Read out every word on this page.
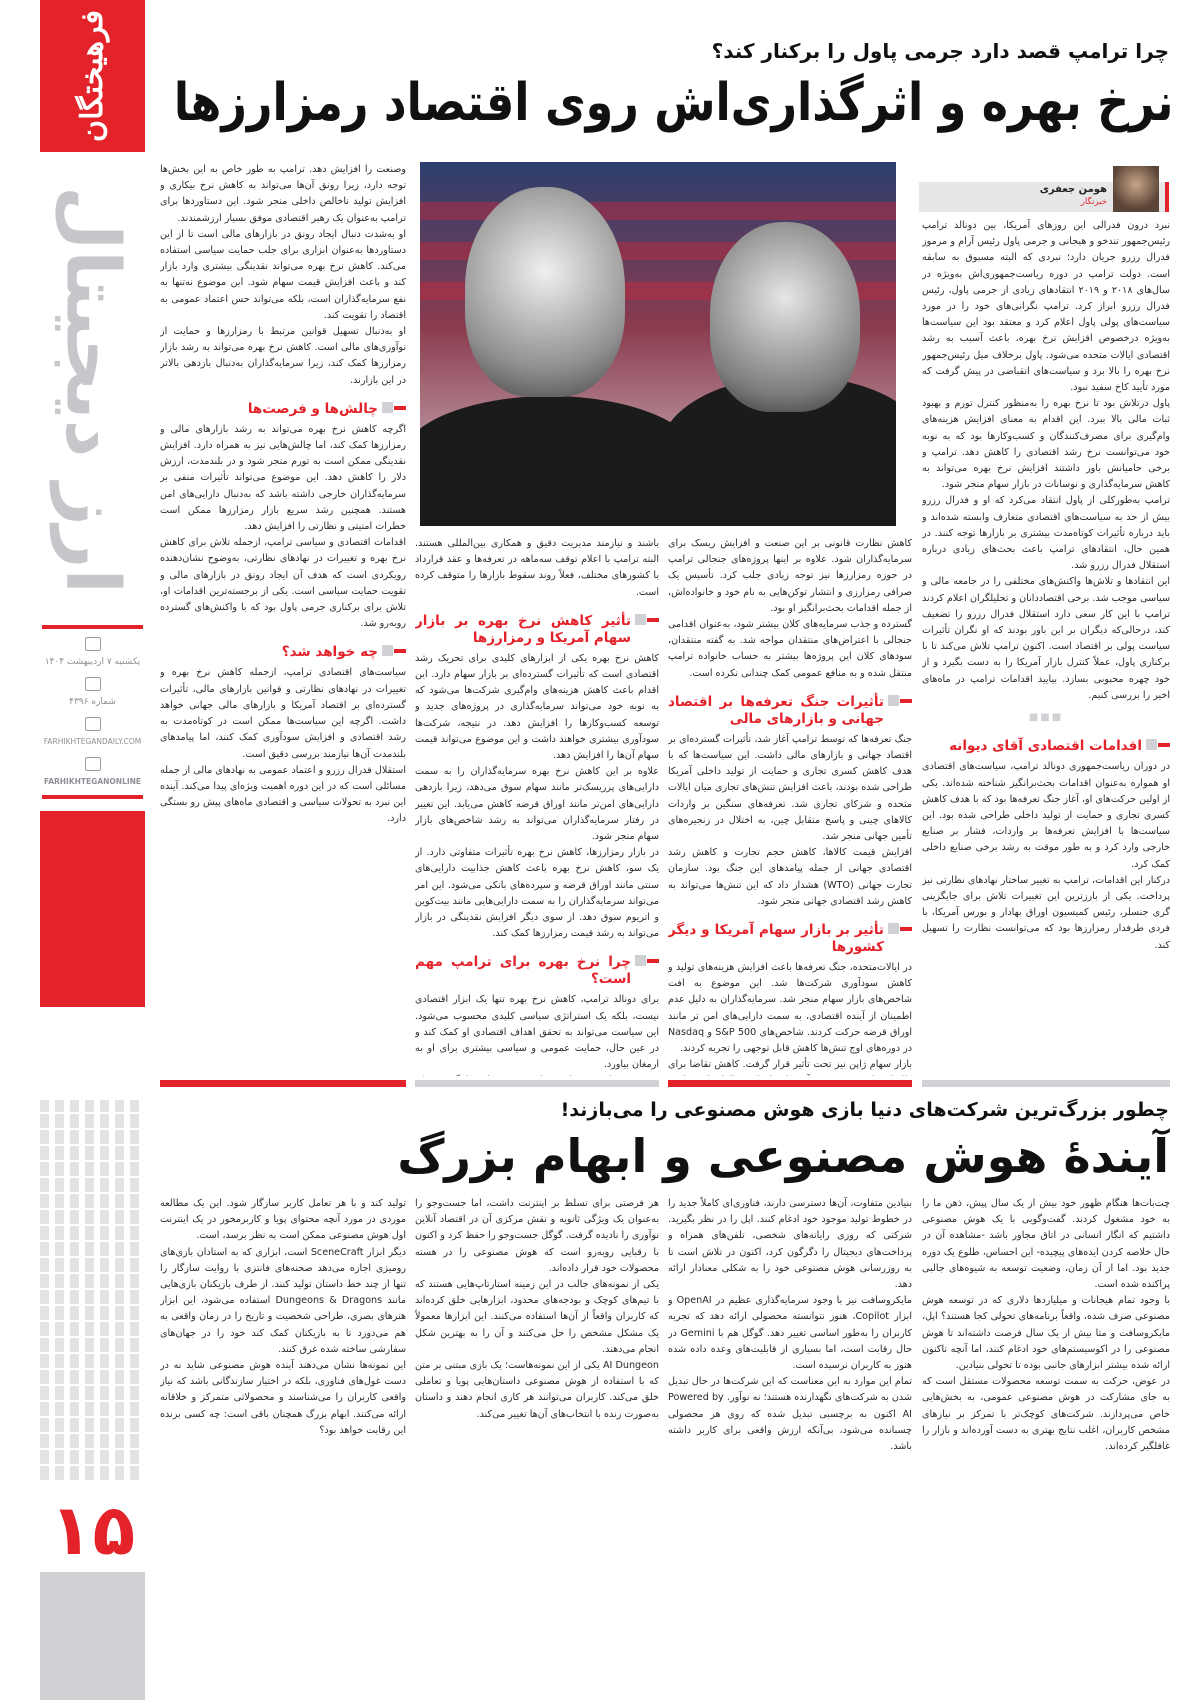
فرهیختگان
ارز دیجیتال
یکشنبه ۷ اردیبهشت ۱۴۰۴
شماره ۴۳۹۶
FARHIKHTEGANDAILY.COM
FARHIKHTEGANONLINE
۱۵
چرا ترامپ قصد دارد جرمی پاول را برکنار کند؟
نرخ بهره و اثرگذاری‌اش روی اقتصاد رمزارزها
هومن جعفری
خبرنگار

نبرد درون فدرالی این روزهای آمریکا، بین دونالد ترامپ رئیس‌جمهور تندخو و هیجانی و جرمی پاول رئیس آرام و مرموز فدرال رزرو جریان دارد؛ نبردی که البته مسبوق به سابقه است. دولت ترامپ در دوره ریاست‌جمهوری‌اش به‌ویژه در سال‌های ۲۰۱۸ و ۲۰۱۹ انتقادهای زیادی از جرمی پاول، رئیس فدرال رزرو ابراز کرد. ترامپ نگرانی‌های خود را در مورد سیاست‌های پولی پاول اعلام کرد و معتقد بود این سیاست‌ها به‌ویژه درخصوص افزایش نرخ بهره، باعث آسیب به رشد اقتصادی ایالات متحده می‌شود. پاول برخلاف میل رئیس‌جمهور نرخ بهره را بالا برد و سیاست‌های انقباضی در پیش گرفت که مورد تأیید کاخ سفید نبود.

پاول درتلاش بود تا نرخ بهره را به‌منظور کنترل تورم و بهبود ثبات مالی بالا ببرد. این اقدام به معنای افزایش هزینه‌های وام‌گیری برای مصرف‌کنندگان و کسب‌وکارها بود که به نوبه خود می‌توانست نرخ رشد اقتصادی را کاهش دهد. ترامپ و برخی حامیانش باور داشتند افزایش نرخ بهره می‌تواند به کاهش سرمایه‌گذاری و نوسانات در بازار سهام منجر شود.

ترامپ به‌طورکلی از پاول انتقاد می‌کرد که او و فدرال رزرو بیش از حد به سیاست‌های اقتصادی متعارف وابسته شده‌اند و باید درباره تأثیرات کوتاه‌مدت بیشتری بر بازارها توجه کنند. در همین حال، انتقادهای ترامپ باعث بحث‌های زیادی درباره استقلال فدرال رزرو شد.

این انتقادها و تلاش‌ها واکنش‌های مختلفی را در جامعه مالی و سیاسی موجب شد. برخی اقتصاددانان و تحلیلگران اعلام کردند ترامپ با این کار سعی دارد استقلال فدرال رزرو را تضعیف کند، درحالی‌که دیگران بر این باور بودند که او نگران تأثیرات سیاست پولی بر اقتصاد است. اکنون ترامپ تلاش می‌کند تا با برکناری پاول، عملاً کنترل بازار آمریکا را به دست بگیرد و از خود چهره محبوبی بسازد. بیایید اقدامات ترامپ در ماه‌های اخیر را بررسی کنیم.

■■■
اقدامات اقتصادی آقای دیوانه

در دوران ریاست‌جمهوری دونالد ترامپ، سیاست‌های اقتصادی او همواره به‌عنوان اقدامات بحث‌برانگیز شناخته شده‌اند. یکی از اولین حرکت‌های او، آغاز جنگ تعرفه‌ها بود که با هدف کاهش کسری تجاری و حمایت از تولید داخلی طراحی شده بود. این سیاست‌ها با افزایش تعرفه‌ها بر واردات، فشار بر صنایع خارجی وارد کرد و به طور موقت به رشد برخی صنایع داخلی کمک کرد.

درکنار این اقدامات، ترامپ به تغییر ساختار نهادهای نظارتی نیز پرداخت. یکی از بارزترین این تغییرات تلاش برای جایگزینی گری جنسلر، رئیس کمیسیون اوراق بهادار و بورس آمریکا، با فردی طرفدار رمزارزها بود که می‌توانست نظارت را تسهیل کند.

کاهش نظارت قانونی بر این صنعت و افزایش ریسک برای سرمایه‌گذاران شود. علاوه بر اینها پروژه‌های جنجالی ترامپ در حوزه رمزارزها نیز توجه زیادی جلب کرد. تأسیس یک صرافی رمزارزی و انتشار توکن‌هایی به نام خود و خانواده‌اش، از جمله اقدامات بحث‌برانگیز او بود.

گسترده و جذب سرمایه‌های کلان بیشتر شود، به‌عنوان اقدامی جنجالی با اعتراض‌های منتقدان مواجه شد. به گفته منتقدان، سودهای کلان این پروژه‌ها بیشتر به حساب خانواده ترامپ منتقل شده و به منافع عمومی کمک چندانی نکرده است.

تأثیرات جنگ تعرفه‌ها بر اقتصاد جهانی و بازارهای مالی

جنگ تعرفه‌ها که توسط ترامپ آغاز شد، تأثیرات گسترده‌ای بر اقتصاد جهانی و بازارهای مالی داشت. این سیاست‌ها که با هدف کاهش کسری تجاری و حمایت از تولید داخلی آمریکا طراحی شده بودند، باعث افزایش تنش‌های تجاری میان ایالات متحده و شرکای تجاری شد. تعرفه‌های سنگین بر واردات کالاهای چینی و پاسخ متقابل چین، به اختلال در زنجیره‌های تأمین جهانی منجر شد.

افزایش قیمت کالاها، کاهش حجم تجارت و کاهش رشد اقتصادی جهانی از جمله پیامدهای این جنگ بود. سازمان تجارت جهانی (WTO) هشدار داد که این تنش‌ها می‌تواند به کاهش رشد اقتصادی جهانی منجر شود.

تأثیر بر بازار سهام آمریکا و دیگر کشورها

در ایالات‌متحده، جنگ تعرفه‌ها باعث افزایش هزینه‌های تولید و کاهش سودآوری شرکت‌ها شد. این موضوع به افت شاخص‌های بازار سهام منجر شد. سرمایه‌گذاران به دلیل عدم اطمینان از آینده اقتصادی، به سمت دارایی‌های امن تر مانند اوراق قرضه حرکت کردند. شاخص‌های S&P 500 و Nasdaq در دوره‌های اوج تنش‌ها کاهش قابل توجهی را تجربه کردند.

بازار سهام ژاپن نیز تحت تأثیر قرار گرفت. کاهش تقاضا برای

باشند و نیازمند مدیریت دقیق و همکاری بین‌المللی هستند. البته ترامپ با اعلام توقف سه‌ماهه در تعرفه‌ها و عقد قرارداد با کشورهای مختلف، فعلاً روند سقوط بازارها را متوقف کرده است.

تأثیر کاهش نرخ بهره بر بازار سهام آمریکا و رمزارزها

کاهش نرخ بهره یکی از ابزارهای کلیدی برای تحریک رشد اقتصادی است که تأثیرات گسترده‌ای بر بازار سهام دارد. این اقدام باعث کاهش هزینه‌های وام‌گیری شرکت‌ها می‌شود که به نوبه خود می‌تواند سرمایه‌گذاری در پروژه‌های جدید و توسعه کسب‌وکارها را افزایش دهد. در نتیجه، شرکت‌ها سودآوری بیشتری خواهند داشت و این موضوع می‌تواند قیمت سهام آن‌ها را افزایش دهد.

علاوه بر این کاهش نرخ بهره سرمایه‌گذاران را به سمت دارایی‌های پرریسک‌تر مانند سهام سوق می‌دهد، زیرا بازدهی دارایی‌های امن‌تر مانند اوراق قرضه کاهش می‌یابد. این تغییر در رفتار سرمایه‌گذاران می‌تواند به رشد شاخص‌های بازار سهام منجر شود.

در بازار رمزارزها، کاهش نرخ بهره تأثیرات متفاوتی دارد. از یک سو، کاهش نرخ بهره باعث کاهش جذابیت دارایی‌های سنتی مانند اوراق قرضه و سپرده‌های بانکی می‌شود. این امر می‌تواند سرمایه‌گذاران را به سمت دارایی‌هایی مانند بیت‌کوین و اتریوم سوق دهد. از سوی دیگر افزایش نقدینگی در بازار می‌تواند به رشد قیمت رمزارزها کمک کند.

چرا نرخ بهره برای ترامپ مهم است؟

برای دونالد ترامپ، کاهش نرخ بهره تنها یک ابزار اقتصادی نیست، بلکه یک استراتژی سیاسی کلیدی محسوب می‌شود. این سیاست می‌تواند به تحقق اهداف اقتصادی او کمک کند و در عین حال، حمایت عمومی و سیاسی بیشتری برای او به ارمغان بیاورد.

وصنعت را افزایش دهد. ترامپ به طور خاص به این بخش‌ها توجه دارد، زیرا رونق آن‌ها می‌تواند به کاهش نرخ بیکاری و افزایش تولید ناخالص داخلی منجر شود. این دستاوردها برای ترامپ به‌عنوان یک رهبر اقتصادی موفق بسیار ارزشمندند.

او به‌شدت دنبال ایجاد رونق در بازارهای مالی است تا از این دستاوردها به‌عنوان ابزاری برای جلب حمایت سیاسی استفاده می‌کند. کاهش نرخ بهره می‌تواند نقدینگی بیشتری وارد بازار کند و باعث افزایش قیمت سهام شود. این موضوع نه‌تنها به نفع سرمایه‌گذاران است، بلکه می‌تواند حس اعتماد عمومی به اقتصاد را تقویت کند.

او به‌دنبال تسهیل قوانین مرتبط با رمزارزها و حمایت از نوآوری‌های مالی است. کاهش نرخ بهره می‌تواند به رشد بازار رمزارزها کمک کند، زیرا سرمایه‌گذاران به‌دنبال بازدهی بالاتر در این بازارند.

چالش‌ها و فرصت‌ها

اگرچه کاهش نرخ بهره می‌تواند به رشد بازارهای مالی و رمزارزها کمک کند، اما چالش‌هایی نیز به همراه دارد. افزایش نقدینگی ممکن است به تورم منجر شود و در بلندمدت، ارزش دلار را کاهش دهد. این موضوع می‌تواند تأثیرات منفی بر سرمایه‌گذاران خارجی داشته باشد که به‌دنبال دارایی‌های امن هستند. همچنین رشد سریع بازار رمزارزها ممکن است خطرات امنیتی و نظارتی را افزایش دهد.

اقدامات اقتصادی و سیاسی ترامپ، ازجمله تلاش برای کاهش نرخ بهره و تغییرات در نهادهای نظارتی، به‌وضوح نشان‌دهنده رویکردی است که هدف آن ایجاد رونق در بازارهای مالی و تقویت حمایت سیاسی است. یکی از برجسته‌ترین اقدامات او، تلاش برای برکناری جرمی پاول بود که با واکنش‌های گسترده روبه‌رو شد.

چه خواهد شد؟

سیاست‌های اقتصادی ترامپ، ازجمله کاهش نرخ بهره و تغییرات در نهادهای نظارتی و قوانین بازارهای مالی، تأثیرات گسترده‌ای بر اقتصاد آمریکا و بازارهای مالی جهانی خواهد داشت. اگرچه این سیاست‌ها ممکن است در کوتاه‌مدت به رشد اقتصادی و افزایش سودآوری کمک کنند، اما پیامدهای بلندمدت آن‌ها نیازمند بررسی دقیق است.

استقلال فدرال رزرو و اعتماد عمومی به نهادهای مالی از جمله مسائلی است که در این دوره اهمیت ویژه‌ای پیدا می‌کند. آینده این نبرد به تحولات سیاسی و اقتصادی ماه‌های پیش رو بستگی دارد.

چطور بزرگ‌ترین شرکت‌های دنیا بازی هوش مصنوعی را می‌بازند!
آیندهٔ هوش مصنوعی و ابهام بزرگ

چت‌بات‌ها هنگام ظهور خود بیش از یک سال پیش، ذهن ما را به خود مشغول کردند. گفت‌وگویی با یک هوش مصنوعی داشتیم که انگار انسانی در اتاق مجاور باشد -مشاهده آن در حال خلاصه کردن ایده‌های پیچیده- این احساس، طلوع یک دوره جدید بود. اما از آن زمان، وضعیت توسعه به شیوه‌های جالبی پراکنده شده است.

با وجود تمام هیجانات و میلیاردها دلاری که در توسعه هوش مصنوعی صرف شده، واقعاً برنامه‌های تحولی کجا هستند؟ اپل، مایکروسافت و متا بیش از یک سال فرصت داشته‌اند تا هوش مصنوعی را در اکوسیستم‌های خود ادغام کنند، اما آنچه تاکنون ارائه شده بیشتر ابزارهای جانبی بوده تا تحولی بنیادین.

در عوض، حرکت به سمت توسعه محصولات مستقل است که به جای مشارکت در هوش مصنوعی عمومی، به بخش‌هایی خاص می‌پردازند. شرکت‌های کوچک‌تر با تمرکز بر نیازهای مشخص کاربران، اغلب نتایج بهتری به دست آورده‌اند و بازار را غافلگیر کرده‌اند.

بنیادین متفاوت، آن‌ها دسترسی دارند، فناوری‌ای کاملاً جدید را در خطوط تولید موجود خود ادغام کنند. اپل را در نظر بگیرید. شرکتی که روزی رایانه‌های شخصی، تلفن‌های همراه و پرداخت‌های دیجیتال را دگرگون کرد، اکنون در تلاش است تا به روزرسانی هوش مصنوعی خود را به شکلی معنادار ارائه دهد.

مایکروسافت نیز با وجود سرمایه‌گذاری عظیم در OpenAI و ابزار Copilot، هنوز نتوانسته محصولی ارائه دهد که تجربه کاربران را به‌طور اساسی تغییر دهد. گوگل هم با Gemini در حال رقابت است، اما بسیاری از قابلیت‌های وعده داده شده هنوز به کاربران نرسیده است.

تمام این موارد به این معناست که این شرکت‌ها در حال تبدیل شدن به شرکت‌های نگهدارنده هستند؛ نه نوآور. Powered by AI اکنون به برچسبی تبدیل شده که روی هر محصولی چسبانده می‌شود، بی‌آنکه ارزش واقعی برای کاربر داشته باشد.

هر فرصتی برای تسلط بر اینترنت داشت، اما جست‌وجو را به‌عنوان یک ویژگی ثانویه و نقش مرکزی آن در اقتصاد آنلاین نوآوری را نادیده گرفت. گوگل جست‌وجو را حفظ کرد و اکنون با رقبایی روبه‌رو است که هوش مصنوعی را در هسته محصولات خود قرار داده‌اند.

یکی از نمونه‌های جالب در این زمینه استارتاپ‌هایی هستند که با تیم‌های کوچک و بودجه‌های محدود، ابزارهایی خلق کرده‌اند که کاربران واقعاً از آن‌ها استفاده می‌کنند. این ابزارها معمولاً یک مشکل مشخص را حل می‌کنند و آن را به بهترین شکل انجام می‌دهند.

AI Dungeon یکی از این نمونه‌هاست؛ یک بازی مبتنی بر متن که با استفاده از هوش مصنوعی داستان‌هایی پویا و تعاملی خلق می‌کند. کاربران می‌توانند هر کاری انجام دهند و داستان به‌صورت زنده با انتخاب‌های آن‌ها تغییر می‌کند.

تولید کند و با هر تعامل کاربر سازگار شود. این یک مطالعه موردی در مورد آنچه محتوای پویا و کاربرمحور در یک اینترنت اول هوش مصنوعی ممکن است به نظر برسد، است.

دیگر ابزار SceneCraft است، ابزاری که به استادان بازی‌های رومیزی اجازه می‌دهد صحنه‌های فانتزی با روایت سازگار را تنها از چند خط داستان تولید کنند. از طرف بازیکنان بازی‌هایی مانند Dungeons & Dragons استفاده می‌شود، این ابزار هنرهای بصری، طراحی شخصیت و تاریخ را در زمان واقعی به هم می‌دوزد تا به بازیکنان کمک کند خود را در جهان‌های سفارشی ساخته شده غرق کنند.

این نمونه‌ها نشان می‌دهند آینده هوش مصنوعی شاید نه در دست غول‌های فناوری، بلکه در اختیار سازندگانی باشد که نیاز واقعی کاربران را می‌شناسند و محصولاتی متمرکز و خلاقانه ارائه می‌کنند. ابهام بزرگ همچنان باقی است: چه کسی برنده این رقابت خواهد بود؟
